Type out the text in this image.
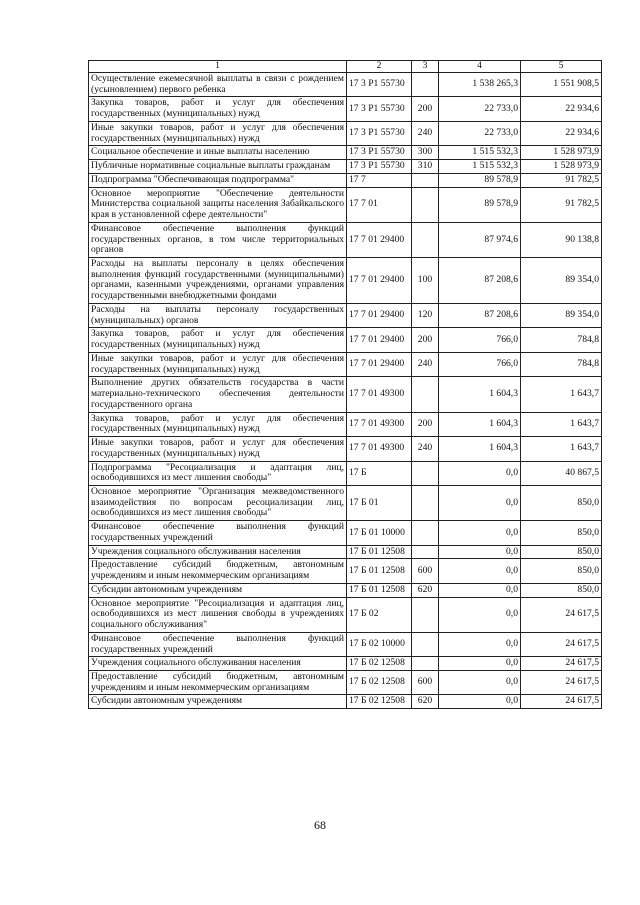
1	2	3	4	5
Осуществление ежемесячной выплаты в связи с рождением (усыновлением) первого ребенка	17 3 Р1 55730		1 538 265,3	1 551 908,5
Закупка товаров, работ и услуг для обеспечения государственных (муниципальных) нужд	17 3 Р1 55730	200	22 733,0	22 934,6
Иные закупки товаров, работ и услуг для обеспечения государственных (муниципальных) нужд	17 3 Р1 55730	240	22 733,0	22 934,6
Социальное обеспечение и иные выплаты населению	17 3 Р1 55730	300	1 515 532,3	1 528 973,9
Публичные нормативные социальные выплаты гражданам	17 3 Р1 55730	310	1 515 532,3	1 528 973,9
Подпрограмма "Обеспечивающая подпрограмма"	17 7		89 578,9	91 782,5
Основное мероприятие "Обеспечение деятельности Министерства социальной защиты населения Забайкальского края в установленной сфере деятельности"	17 7 01		89 578,9	91 782,5
Финансовое обеспечение выполнения функций государственных органов, в том числе территориальных органов	17 7 01 29400		87 974,6	90 138,8
Расходы на выплаты персоналу в целях обеспечения выполнения функций государственными (муниципальными) органами, казенными учреждениями, органами управления государственными внебюджетными фондами	17 7 01 29400	100	87 208,6	89 354,0
Расходы на выплаты персоналу государственных (муниципальных) органов	17 7 01 29400	120	87 208,6	89 354,0
Закупка товаров, работ и услуг для обеспечения государственных (муниципальных) нужд	17 7 01 29400	200	766,0	784,8
Иные закупки товаров, работ и услуг для обеспечения государственных (муниципальных) нужд	17 7 01 29400	240	766,0	784,8
Выполнение других обязательств государства в части материально-технического обеспечения деятельности государственного органа	17 7 01 49300		1 604,3	1 643,7
Закупка товаров, работ и услуг для обеспечения государственных (муниципальных) нужд	17 7 01 49300	200	1 604,3	1 643,7
Иные закупки товаров, работ и услуг для обеспечения государственных (муниципальных) нужд	17 7 01 49300	240	1 604,3	1 643,7
Подпрограмма "Ресоциализация и адаптация лиц, освободившихся из мест лишения свободы"	17 Б		0,0	40 867,5
Основное мероприятие "Организация межведомственного взаимодействия по вопросам ресоциализации лиц, освободившихся из мест лишения свободы"	17 Б 01		0,0	850,0
Финансовое обеспечение выполнения функций государственных учреждений	17 Б 01 10000		0,0	850,0
Учреждения социального обслуживания населения	17 Б 01 12508		0,0	850,0
Предоставление субсидий бюджетным, автономным учреждениям и иным некоммерческим организациям	17 Б 01 12508	600	0,0	850,0
Субсидии автономным учреждениям	17 Б 01 12508	620	0,0	850,0
Основное мероприятие "Ресоциализация и адаптация лиц, освободившихся из мест лишения свободы в учреждениях социального обслуживания"	17 Б 02		0,0	24 617,5
Финансовое обеспечение выполнения функций государственных учреждений	17 Б 02 10000		0,0	24 617,5
Учреждения социального обслуживания населения	17 Б 02 12508		0,0	24 617,5
Предоставление субсидий бюджетным, автономным учреждениям и иным некоммерческим организациям	17 Б 02 12508	600	0,0	24 617,5
Субсидии автономным учреждениям	17 Б 02 12508	620	0,0	24 617,5
68
